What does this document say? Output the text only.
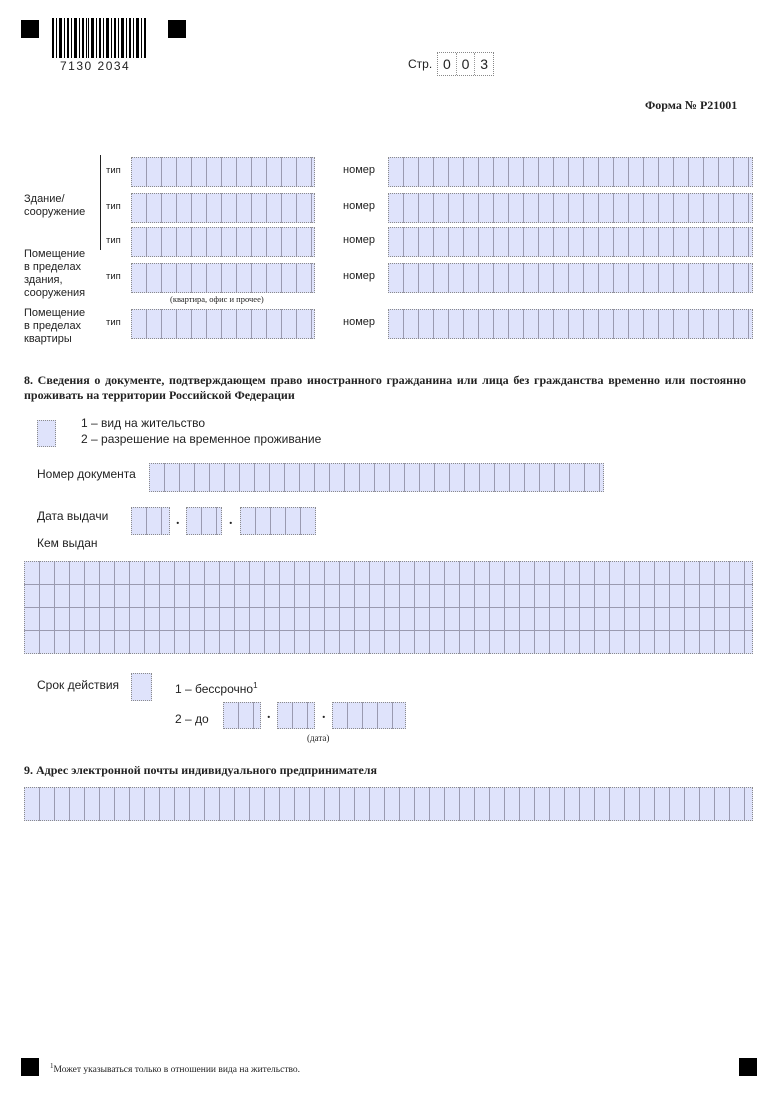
7130 2034	Стр. 0 0 3
Форма № Р21001
Здание/ сооружение
Помещение в пределах здания, сооружения
Помещение в пределах квартиры
тип	номер
тип	номер
тип	номер
тип	номер
(квартира, офис и прочее)
тип	номер
8. Сведения о документе, подтверждающем право иностранного гражданина или лица без гражданства временно или постоянно проживать на территории Российской Федерации
1 – вид на жительство
2 – разрешение на временное проживание
Номер документа
Дата выдачи	.	.
Кем выдан
Срок действия	1 – бессрочно$^1$
2 – до	.	.
(дата)
9. Адрес электронной почты индивидуального предпринимателя
$^1$Может указываться только в отношении вида на жительство.
